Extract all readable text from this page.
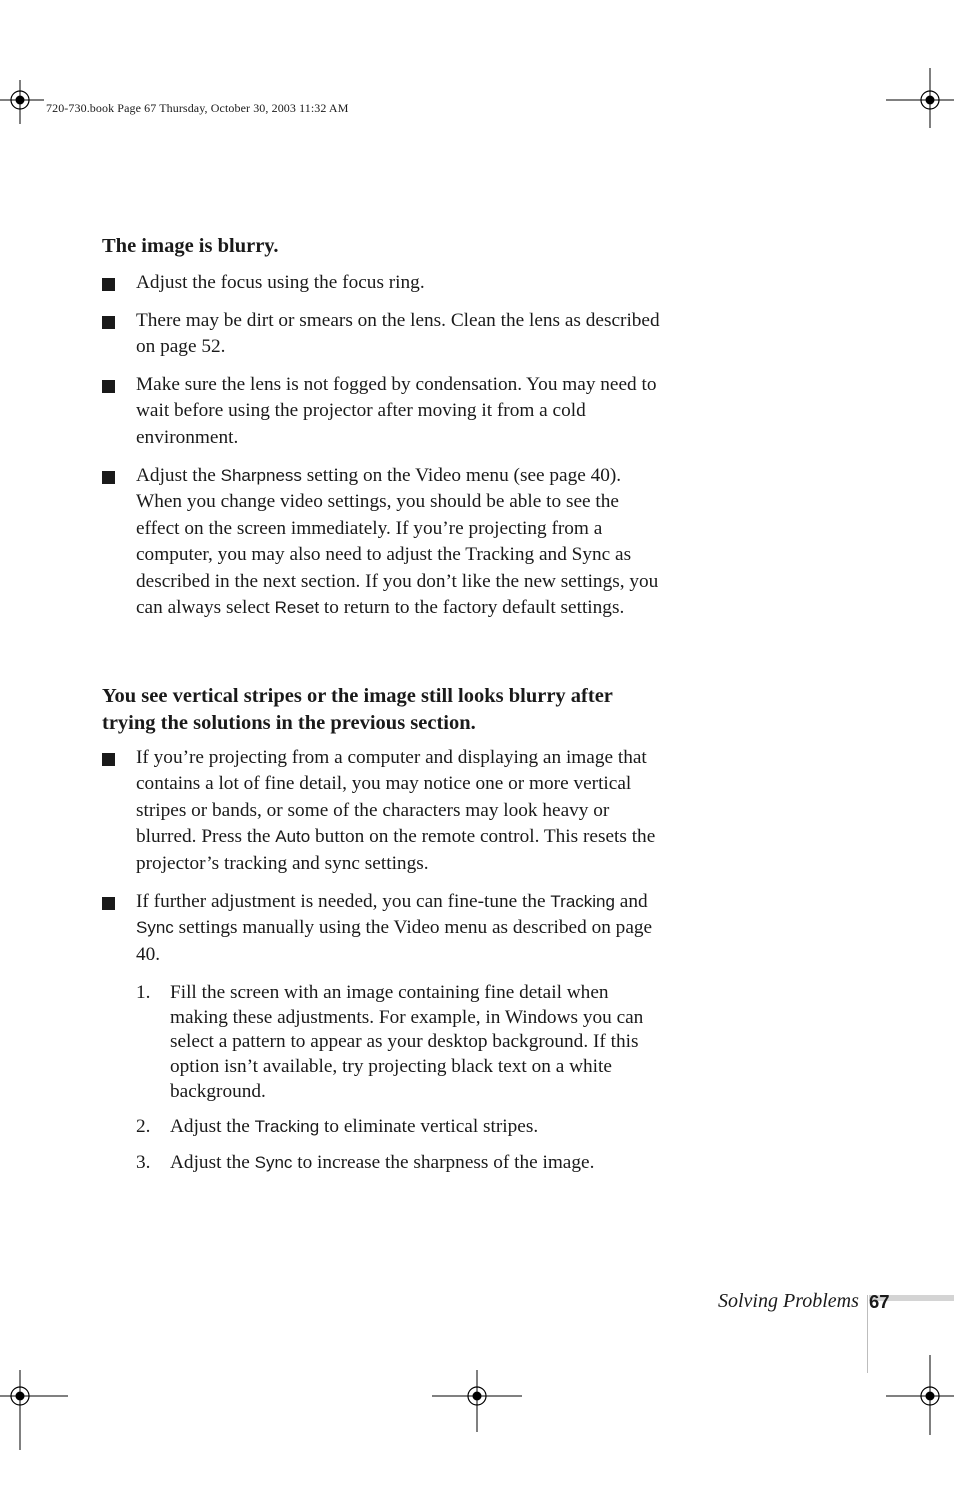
720-730.book Page 67 Thursday, October 30, 2003 11:32 AM
The image is blurry.

Adjust the focus using the focus ring.

There may be dirt or smears on the lens. Clean the lens as described on page 52.

Make sure the lens is not fogged by condensation. You may need to wait before using the projector after moving it from a cold environment.

Adjust the Sharpness setting on the Video menu (see page 40). When you change video settings, you should be able to see the effect on the screen immediately. If you’re projecting from a computer, you may also need to adjust the Tracking and Sync as described in the next section. If you don’t like the new settings, you can always select Reset to return to the factory default settings.

You see vertical stripes or the image still looks blurry after trying the solutions in the previous section.

If you’re projecting from a computer and displaying an image that contains a lot of fine detail, you may notice one or more vertical stripes or bands, or some of the characters may look heavy or blurred. Press the Auto button on the remote control. This resets the projector’s tracking and sync settings.

If further adjustment is needed, you can fine-tune the Tracking and Sync settings manually using the Video menu as described on page 40.

1.	Fill the screen with an image containing fine detail when making these adjustments. For example, in Windows you can select a pattern to appear as your desktop background. If this option isn’t available, try projecting black text on a white background.

2.	Adjust the Tracking to eliminate vertical stripes.

3.	Adjust the Sync to increase the sharpness of the image.

Solving Problems 67
